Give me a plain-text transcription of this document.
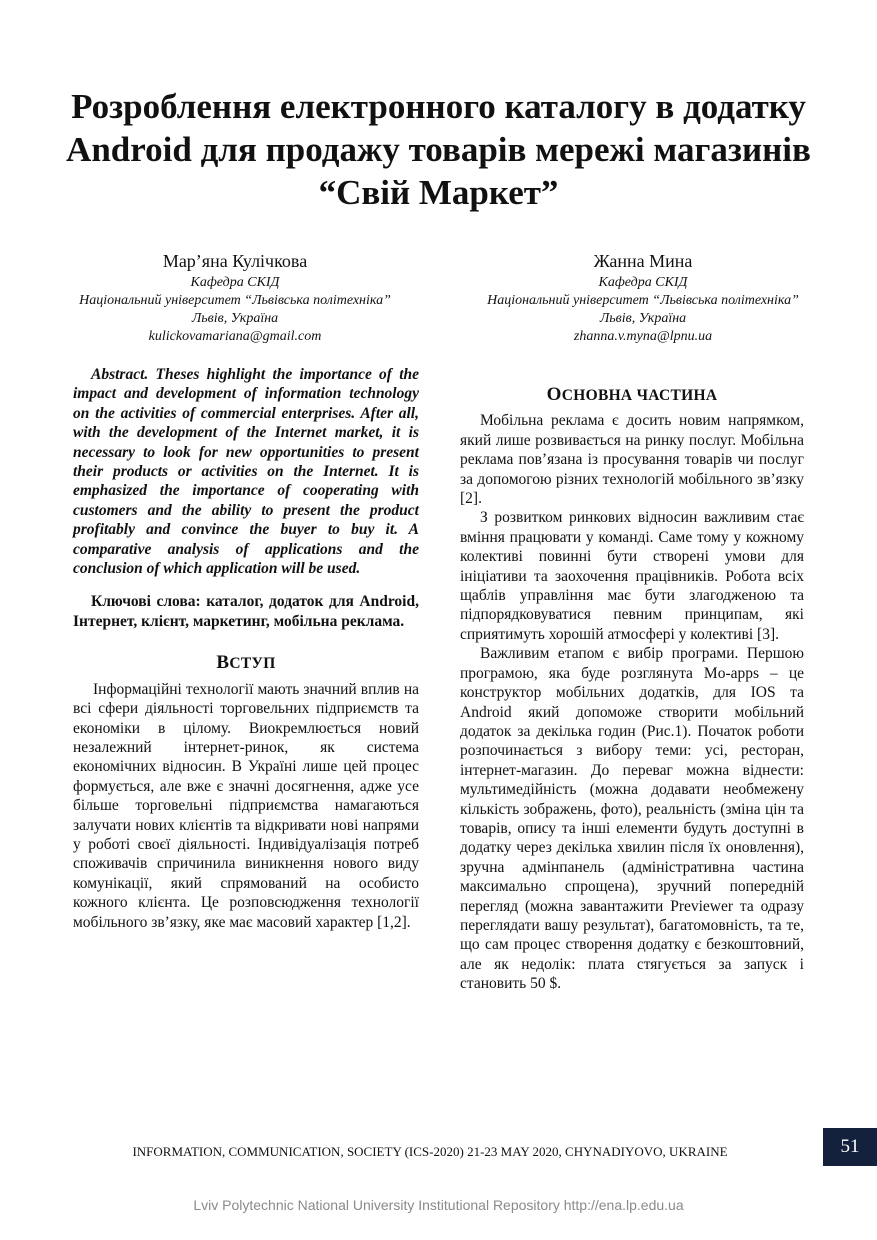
Розроблення електронного каталогу в додатку Android для продажу товарів мережі магазинів “Свій Маркет”
Мар’яна Кулічкова
Кафедра СКІД
Національний університет “Львівська політехніка”
Львів, Україна
kulickovamariana@gmail.com
Жанна Мина
Кафедра СКІД
Національний університет “Львівська політехніка”
Львів, Україна
zhanna.v.myna@lpnu.ua

Abstract. Theses highlight the importance of the impact and development of information technology on the activities of commercial enterprises. After all, with the development of the Internet market, it is necessary to look for new opportunities to present their products or activities on the Internet. It is emphasized the importance of cooperating with customers and the ability to present the product profitably and convince the buyer to buy it. A comparative analysis of applications and the conclusion of which application will be used.

Ключові слова: каталог, додаток для Android, Інтернет, клієнт, маркетинг, мобільна реклама.

ВСТУП

Інформаційні технології мають значний вплив на всі сфери діяльності торговельних підприємств та економіки в цілому. Виокремлюється новий незалежний інтернет-ринок, як система економічних відносин. В Україні лише цей процес формується, але вже є значні досягнення, адже усе більше торговельні підприємства намагаються залучати нових клієнтів та відкривати нові напрями у роботі своєї діяльності. Індивідуалізація потреб споживачів спричинила виникнення нового виду комунікації, який спрямований на особисто кожного клієнта. Це розповсюдження технології мобільного зв’язку, яке має масовий характер [1,2].

ОСНОВНА ЧАСТИНА

Мобільна реклама є досить новим напрямком, який лише розвивається на ринку послуг. Мобільна реклама пов’язана із просування товарів чи послуг за допомогою різних технологій мобільного зв’язку [2].

З розвитком ринкових відносин важливим стає вміння працювати у команді. Саме тому у кожному колективі повинні бути створені умови для ініціативи та заохочення працівників. Робота всіх щаблів управління має бути злагодженою та підпорядковуватися певним принципам, які сприятимуть хорошій атмосфері у колективі [3].

Важливим етапом є вибір програми. Першою програмою, яка буде розглянута Mo-apps – це конструктор мобільних додатків, для IOS та Android який допоможе створити мобільний додаток за декілька годин (Рис.1). Початок роботи розпочинається з вибору теми: усі, ресторан, інтернет-магазин. До переваг можна віднести: мультимедійність (можна додавати необмежену кількість зображень, фото), реальність (зміна цін та товарів, опису та інші елементи будуть доступні в додатку через декілька хвилин після їх оновлення), зручна адмінпанель (адміністративна частина максимально спрощена), зручний попередній перегляд (можна завантажити Previewer та одразу переглядати вашу результат), багатомовність, та те, що сам процес створення додатку є безкоштовний, але як недолік: плата стягується за запуск і становить 50 $.

INFORMATION, COMMUNICATION, SOCIETY (ICS-2020) 21-23 MAY 2020, CHYNADIYOVO, UKRAINE	51
Lviv Polytechnic National University Institutional Repository http://ena.lp.edu.ua
